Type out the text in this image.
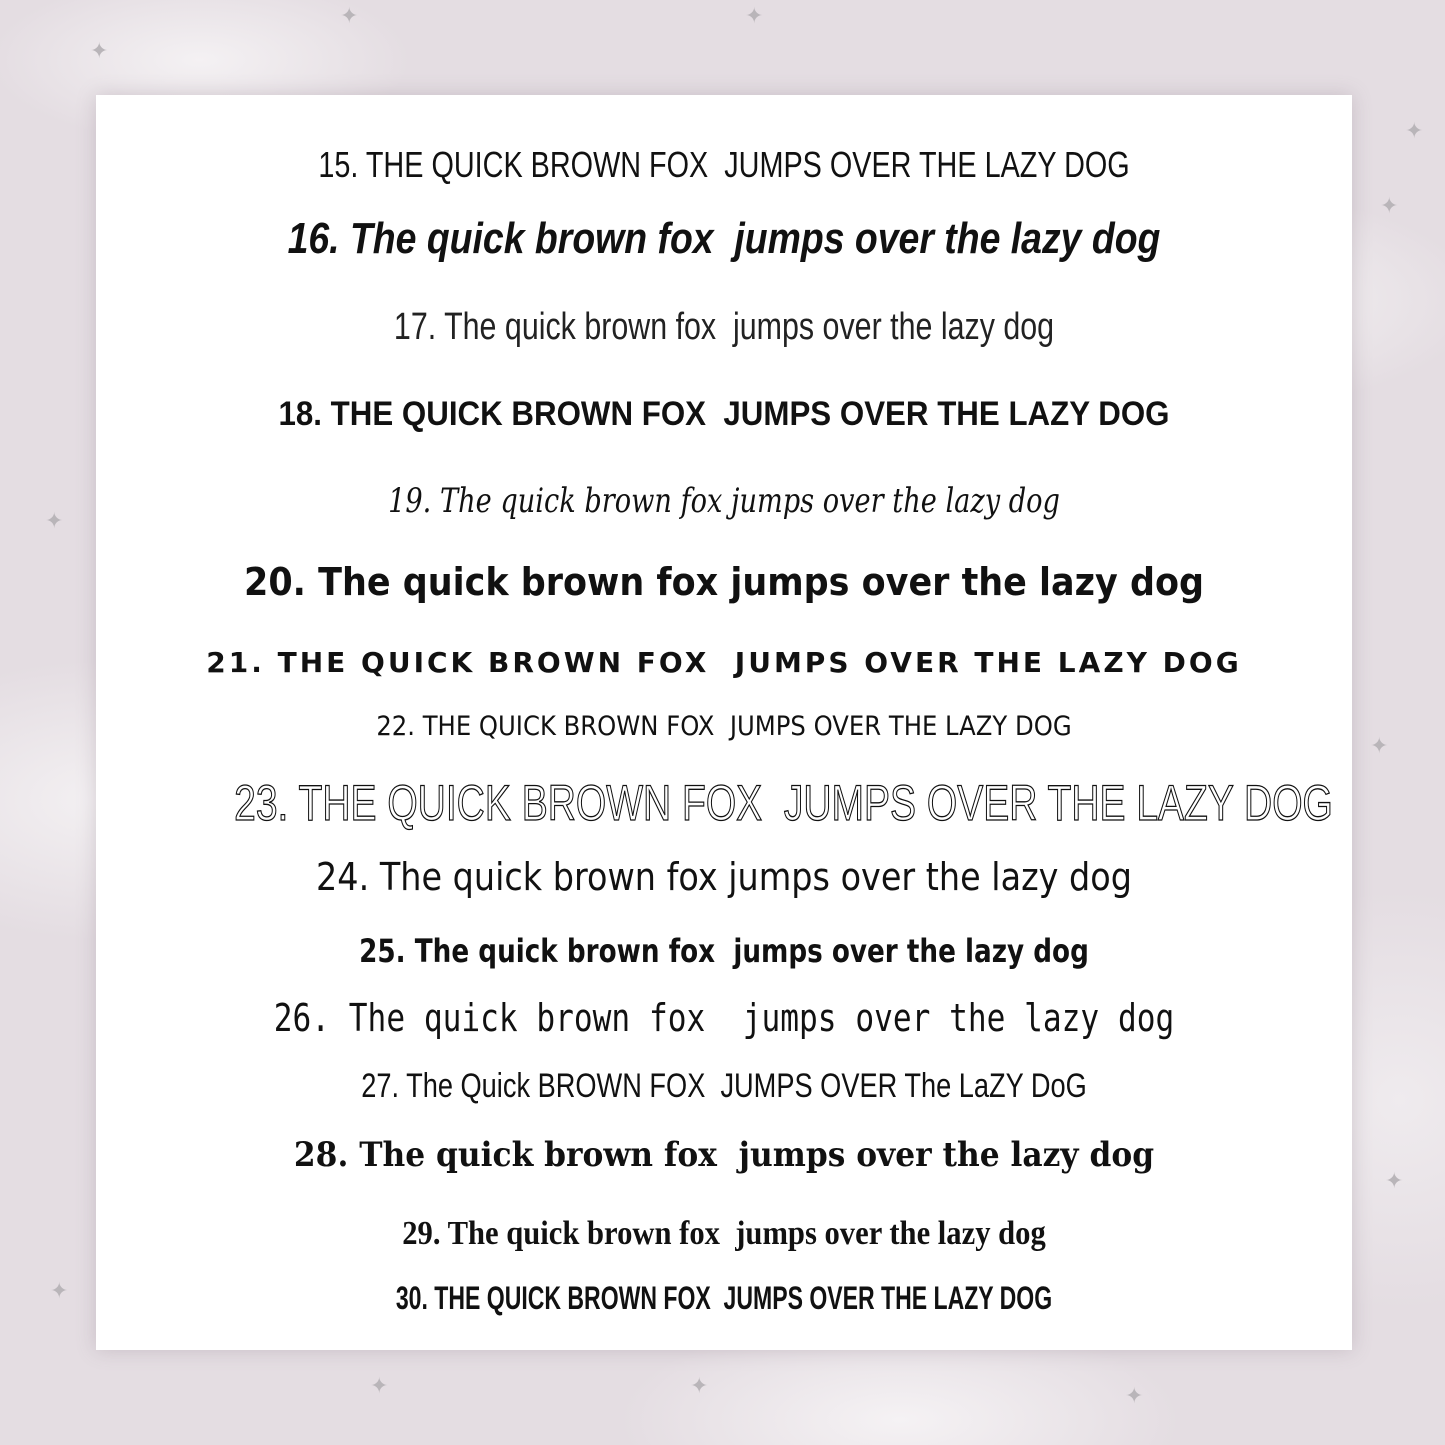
✦	✦
✦
✦
✦
✦
✦
✦
✦
✦	✦	✦
15. THE QUICK BROWN FOX  JUMPS OVER THE LAZY DOG
16. The quick brown fox  jumps over the lazy dog
17. The quick brown fox  jumps over the lazy dog
18. THE QUICK BROWN FOX  JUMPS OVER THE LAZY DOG
19. The quick brown fox jumps over the lazy dog
20. The quick brown fox jumps over the lazy dog
21. THE QUICK BROWN FOX  JUMPS OVER THE LAZY DOG
22. THE QUICK BROWN FOX  JUMPS OVER THE LAZY DOG
23. THE QUICK BROWN FOX  JUMPS OVER THE LAZY DOG
24. The quick brown fox jumps over the lazy dog
25. The quick brown fox  jumps over the lazy dog
26. The quick brown fox  jumps over the lazy dog
27. The Quick BROWN FOX  JUMPS OVER The LaZY DoG
28. The quick brown fox  jumps over the lazy dog
29. The quick brown fox  jumps over the lazy dog
30. THE QUICK BROWN FOX  JUMPS OVER THE LAZY DOG
